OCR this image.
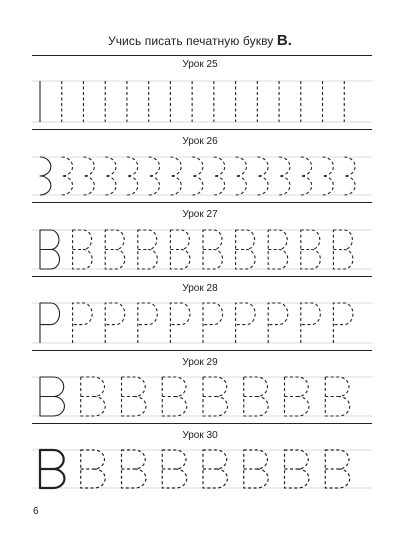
Учись писать печатную букву В.
Урок 25
Урок 26
Урок 27
Урок 28
Урок 29
Урок 30
6
